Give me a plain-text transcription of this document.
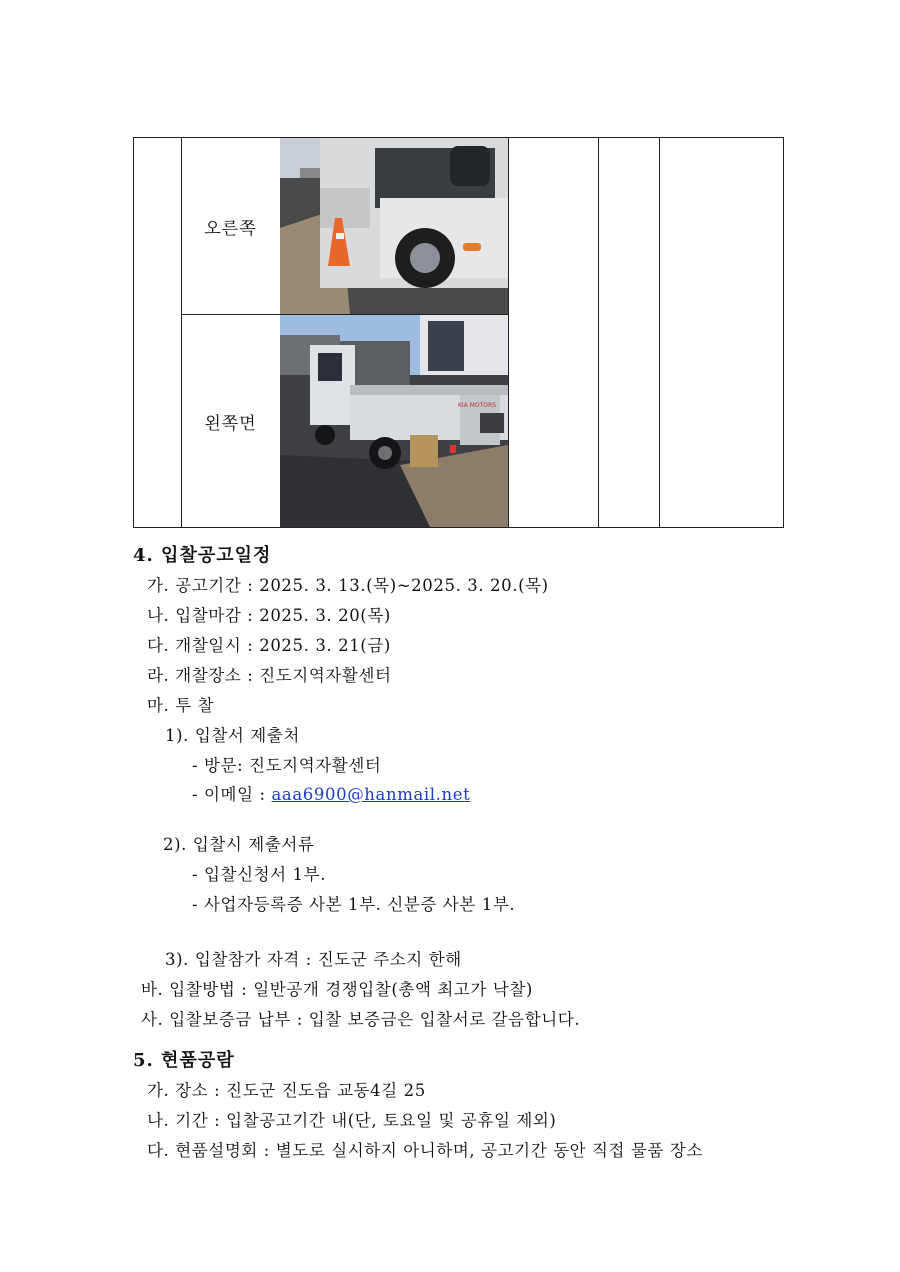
오른쪽
왼쪽면
KIA MOTORS
4. 입찰공고일정
가. 공고기간 : 2025. 3. 13.(목)~2025. 3. 20.(목)
나. 입찰마감 : 2025. 3. 20(목)
다. 개찰일시 : 2025. 3. 21(금)
라. 개찰장소 : 진도지역자활센터
마. 투 찰
1). 입찰서 제출처
- 방문: 진도지역자활센터
- 이메일 : aaa6900@hanmail.net
2). 입찰시 제출서류
- 입찰신청서 1부.
- 사업자등록증 사본 1부. 신분증 사본 1부.
3). 입찰참가 자격 : 진도군 주소지 한해
바. 입찰방법 : 일반공개 경쟁입찰(총액 최고가 낙찰)
사. 입찰보증금 납부 : 입찰 보증금은 입찰서로 갈음합니다.
5. 현품공람
가. 장소 : 진도군 진도읍 교동4길 25
나. 기간 : 입찰공고기간 내(단, 토요일 및 공휴일 제외)
다. 현품설명회 : 별도로 실시하지 아니하며, 공고기간 동안 직접 물품 장소
